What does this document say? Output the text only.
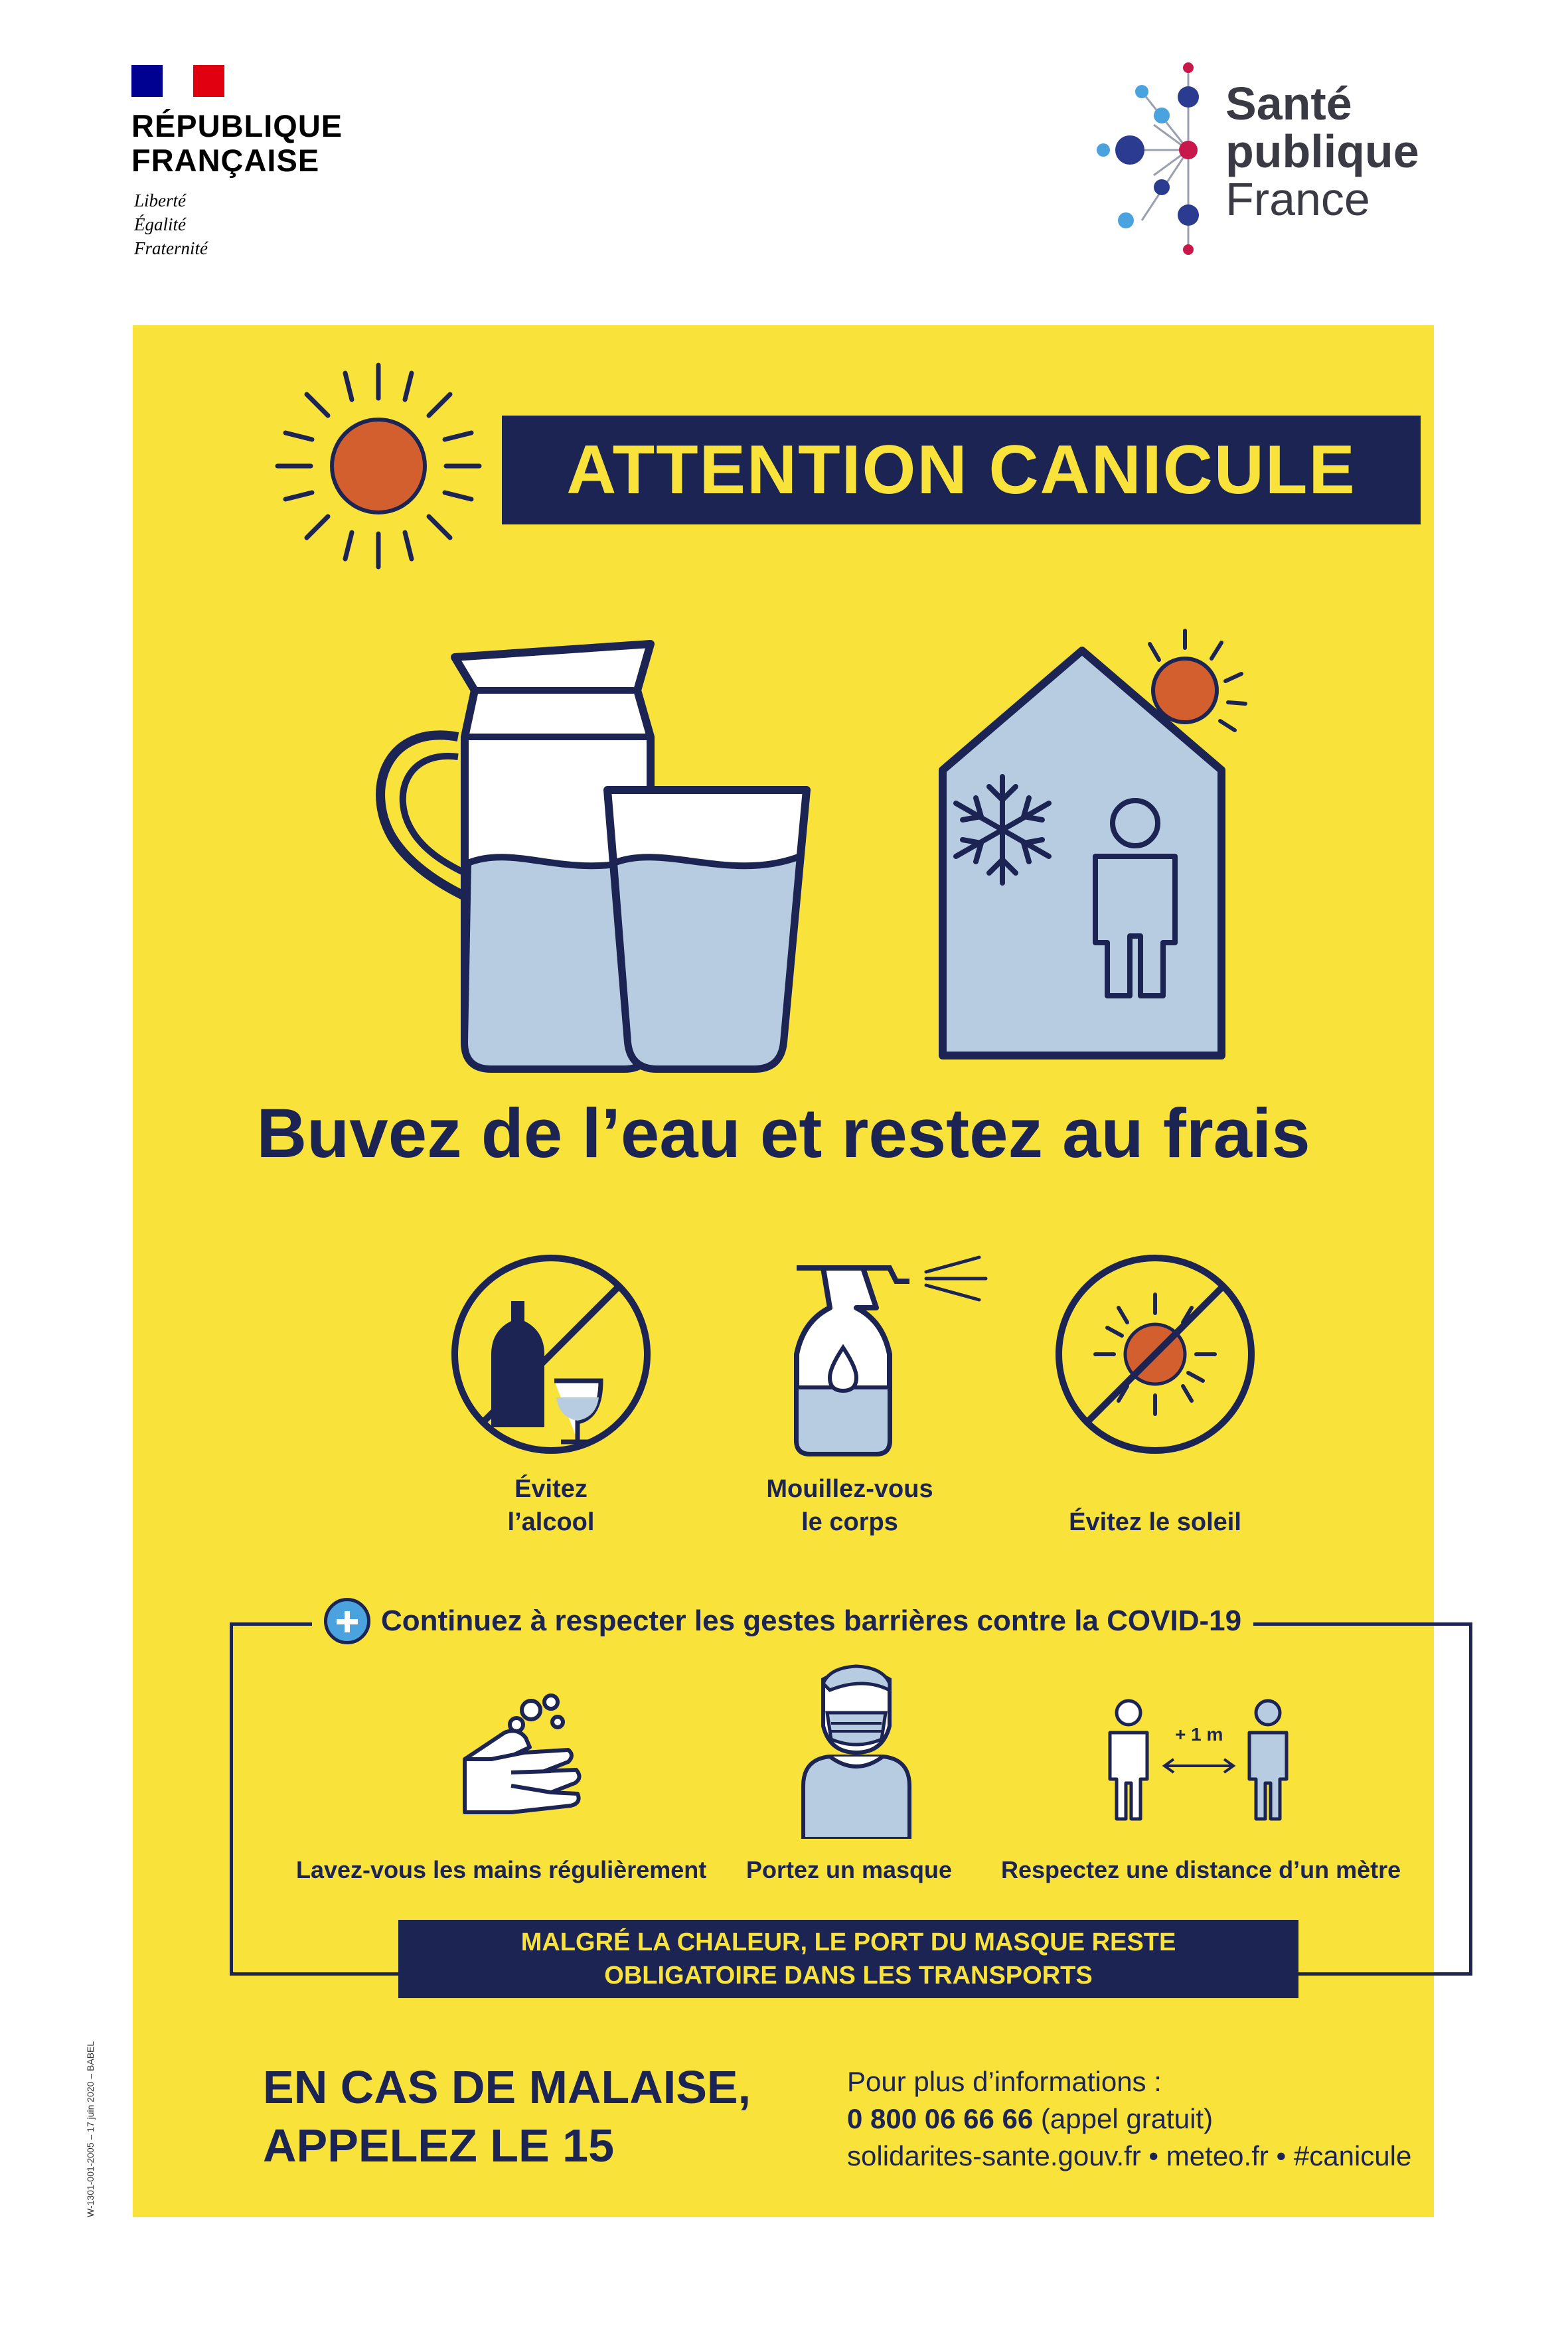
RÉPUBLIQUE
FRANÇAISE
Liberté
Égalité
Fraternité
Santé
publique
France
ATTENTION CANICULE
Buvez de l’eau et restez au frais
Évitez
l’alcool
Mouillez-vous
le corps	Évitez le soleil
Continuez à respecter les gestes barrières contre la COVID-19
+ 1 m
Lavez-vous les mains régulièrement Portez un masque Respectez une distance d’un mètre
MALGRÉ LA CHALEUR, LE PORT DU MASQUE RESTE
OBLIGATOIRE DANS LES TRANSPORTS
EN CAS DE MALAISE,
APPELEZ LE 15
Pour plus d’informations :
0 800 06 66 66 (appel gratuit)
solidarites-sante.gouv.fr • meteo.fr • #canicule
W-1301-001-2005 – 17 juin 2020 – BABEL
